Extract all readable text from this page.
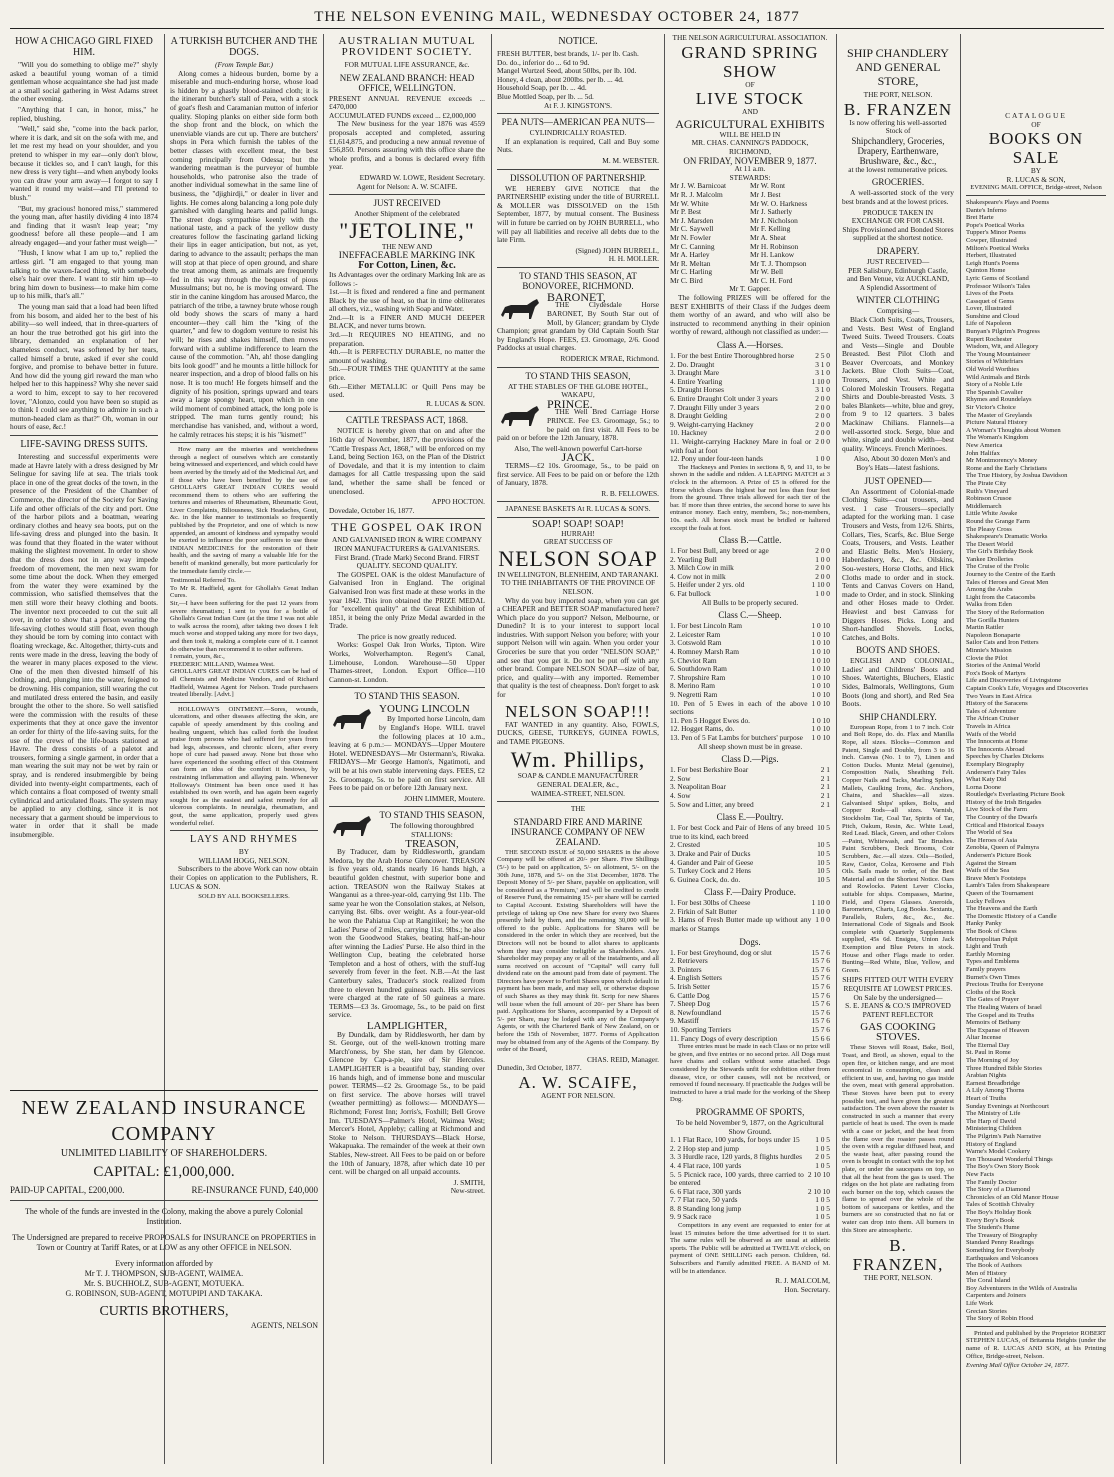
THE NELSON EVENING MAIL, WEDNESDAY OCTOBER 24, 1877
HOW A CHICAGO GIRL FIXED HIM.

"Will you do something to oblige me?" shyly asked a beautiful young woman of a timid gentleman whose acquaintance she had just made at a small social gathering in West Adams street the other evening.

"Anything that I can, in honor, miss," he replied, blushing.

"Well," said she, "come into the back parlor, where it is dark, and sit on the sofa with me, and let me rest my head on your shoulder, and you pretend to whisper in my ear—only don't blow, because it tickles so, and I can't laugh, for this new dress is very tight—and when anybody looks you can draw your arm away—I forgot to say I wanted it round my waist—and I'll pretend to blush."

"But, my gracious! honored miss," stammered the young man, after hastily dividing 4 into 1874 and finding that it wasn't leap year; "my goodness! before all these people—and I am already engaged—and your father must weigh—"

"Hush, I know what I am up to," replied the artless girl. "I am engaged to that young man talking to the waxen-faced thing, with somebody else's hair over there. I want to stir him up—to bring him down to business—to make him come up to his milk, that's all."

The young man said that a load had been lifted from his bosom, and aided her to the best of his ability—so well indeed, that in three-quarters of an hour the true betrothed got his girl into the library, demanded an explanation of her shameless conduct, was softened by her tears, called himself a brute, asked if ever she could forgive, and promise to behave better in future. And how did the young girl reward the man who helped her to this happiness? Why she never said a word to him, except to say to her recovered lover, "Alonzo, could you have been so stupid as to think I could see anything to admire in such a mutton-headed clam as that?" Oh, woman in our hours of ease, &c.!

LIFE-SAVING DRESS SUITS.

Interesting and successful experiments were made at Havre lately with a dress designed by Mr Selingue for saving life at sea. The trials took place in one of the great docks of the town, in the presence of the President of the Chamber of Commerce, the director of the Society for Saving Life and other officials of the city and port. One of the harbor pilots and a boatman, wearing ordinary clothes and heavy sea boots, put on the life-saving dress and plunged into the basin. It was found that they floated in the water without making the slightest movement. In order to show that the dress does not in any way impede freedom of movement, the men next swam for some time about the dock. When they emerged from the water they were examined by the commission, who satisfied themselves that the men still wore their heavy clothing and boots. The inventor next proceeded to cut the suit all over, in order to show that a person wearing the life-saving clothes would still float, even though they should be torn by coming into contact with floating wreckage, &c. Altogether, thirty-cuts and rents were made in the dress, leaving the body of the wearer in many places exposed to the view. One of the men then divested himself of his clothing, and, plunging into the water, feigned to be drowning. His companion, still wearing the cut and mutilated dress entered the basin, and easily brought the other to the shore. So well satisfied were the commission with the results of these experiments that they at once gave the inventor an order for thirty of the life-saving suits, for the use of the crews of the life-boats stationed at Havre. The dress consists of a paletot and trousers, forming a single garment, in order that a man wearing the suit may not be wet by rain or spray, and is rendered insubmergible by being divided into twenty-eight compartments, each of which contains a float composed of twenty small cylindrical and articulated floats. The system may be applied to any clothing, since it is not necessary that a garment should be impervious to water in order that it shall be made insubmergible.

A TURKISH BUTCHER AND THE DOGS.
(From Temple Bar.)

Along comes a hideous burden, borne by a miserable and much-enduring horse, whose load is hidden by a ghastly blood-stained cloth; it is the itinerant butcher's stall of Pera, with a stock of goat's flesh and Caramanian mutton of inferior quality. Sloping planks on either side form both the shop front and the block, on which the unenviable viands are cut up. There are butchers' shops in Pera which furnish the tables of the better classes with excellent meat, the best coming principally from Odessa; but the wandering meatman is the purveyor of humble households, who patronise also the trade of another individual somewhat in the same line of business, the "djighirdji," or dealer in liver and lights. He comes along balancing a long pole duly garnished with dangling hearts and pallid lungs. The street dogs sympathise keenly with the national taste, and a pack of the yellow dusty creatures follow the fascinating garland licking their lips in eager anticipation, but not, as yet, daring to advance to the assault; perhaps the man will stop at that piece of open ground, and share the treat among them, as animals are frequently fed in this way through the bequest of pious Mussulmans; but no, he is moving onward. The stir in the canine kingdom has aroused Marco, the patriarch of the tribe, a tawney brute whose rough old body shows the scars of many a hard encounter—they call him the "king of the quarter," and few to dogdom venture to resist his will; he rises and shakes himself, then moves forward with a sublime indifference to learn the cause of the commotion. "Ah, ah! those dangling bits look good!" and he mounts a little hillock for nearer inspection, and a drop of blood falls on his nose. It is too much! He forgets himself and the dignity of his position, springs upward and tears away a large spongy heart, upon which in one wild moment of combined attack, the long pole is stripped. The man turns gently round; his merchandise has vanished, and, without a word, he calmly retraces his steps; it is his "kismet!"

How many are the miseries and wretchedness through a neglect of ourselves which are constantly being witnessed and experienced, and which could have been averted by the timely aid of the Medicinal Art, and if those who have been benefited by the use of GHOLLAH'S GREAT INDIAN CURES would recommend them to others who are suffering the tortures and miseries of Rheumatism, Rheumatic Gout, Liver Complaints, Biliousness, Sick Headaches, Gout, &c. in the like manner to testimonials so frequently published by the Proprietor, and one of which is now appended, an amount of kindness and sympathy would be exerted to influence the poor sufferers to use these INDIAN MEDICINES for the restoration of their health, and the saving of many a valuable life for the benefit of mankind generally, but more particularly for the immediate family circle.—

Testimonial Referred To.
To Mr R. Hadfield, agent for Ghollah's Great Indian Cures.
Sir,—I have been suffering for the past 12 years from severe rheumatism; I sent to you for a bottle of Ghollah's Great Indian Cure (at the time I was not able to walk across the room), after taking two doses I felt much worse and stopped taking any more for two days, and then took it, making a complete cure of it. I cannot do otherwise than recommend it to other sufferers.
I remain, yours, &c.,
FREDERIC MILLAND, Waimea West.
GHOLLAH'S GREAT INDIAN CURES can be had of all Chemists and Medicine Vendors, and of Richard Hadfield, Waimea Agent for Nelson. Trade purchasers treated liberally. [Advt.]

HOLLOWAY'S OINTMENT.—Sores, wounds, ulcerations, and other diseases affecting the skin, are capable of speedy amendment by this cooling and healing unguent, which has called forth the loudest praise from persons who had suffered for years from bad legs, abscesses, and chronic ulcers, after every hope of cure had passed away. None but those who have experienced the soothing effect of this Ointment can form an idea of the comfort it bestows, by restraining inflammation and allaying pain. Whenever Holloway's Ointment has been once used it has established its own worth, and has again been eagerly sought for as the easiest and safest remedy for all ulcerous complaints. In neuralgia, rheumatism, and gout, the same application, properly used gives wonderful relief.

LAYS AND RHYMES
BY
WILLIAM HOGG, NELSON.

Subscribers to the above Work can now obtain their Copies on application to the Publishers, R. LUCAS & SON.

SOLD BY ALL BOOKSELLERS.
AUSTRALIAN MUTUAL PROVIDENT SOCIETY.
FOR MUTUAL LIFE ASSURANCE, &c.
NEW ZEALAND BRANCH: HEAD OFFICE, WELLINGTON.
PRESENT ANNUAL REVENUE exceeds ... £470,000
ACCUMULATED FUNDS exceed ... £2,000,000

The New business for the year 1876 was 4559 proposals accepted and completed, assuring £1,614,875, and producing a new annual revenue of £56,850. Persons assuring with this office share the whole profits, and a bonus is declared every fifth year.

EDWARD W. LOWE, Resident Secretary.
Agent for Nelson: A. W. SCAIFE.
JUST RECEIVED
Another Shipment of the celebrated
"JETOLINE,"
THE NEW AND
INEFFACEABLE MARKING INK
For Cotton, Linen, &c.
Its Advantages over the ordinary Marking Ink are as follows :-
1st.—It is fixed and rendered a fine and permanent Black by the use of heat, so that in time obliterates all others, viz., washing with Soap and Water.
2nd.—It is a FINER AND MUCH DEEPER BLACK, and never turns brown.
3rd.—It REQUIRES NO HEATING, and no preparation.
4th.—It is PERFECTLY DURABLE, no matter the amount of washing.
5th.—FOUR TIMES THE QUANTITY at the same price.
6th.—Either METALLIC or Quill Pens may be used.
R. LUCAS & SON.
CATTLE TRESPASS ACT, 1868.

NOTICE is hereby given that on and after the 16th day of November, 1877, the provisions of the "Cattle Trespass Act, 1868," will be enforced on my Land, being Section 163, on the Plan of the District of Dovedale, and that it is my intention to claim damages for all Cattle trespassing upon the said land, whether the same shall be fenced or unenclosed.

APPO HOCTON.
Dovedale, October 16, 1877.
THE GOSPEL OAK IRON
AND GALVANISED IRON & WIRE COMPANY
IRON MANUFACTURERS & GALVANISERS.
First Brand. (Trade Mark) Second Brand. FIRST QUALITY. SECOND QUALITY.

The GOSPEL OAK is the oldest Manufacture of Galvanised Iron in England. The original Galvanised Iron was first made at these works in the year 1842. This iron obtained the PRIZE MEDAL for "excellent quality" at the Great Exhibition of 1851, it being the only Prize Medal awarded in the Trade.

The price is now greatly reduced.

Works: Gospel Oak Iron Works, Tipton. Wire Works, Wolverhampton. Regent's Canal, Limehouse, London. Warehouse—50 Upper Thames-street, London. Export Office—110 Cannon-st. London.

TO STAND THIS SEASON.
YOUNG LINCOLN

By Imported horse Lincoln, dam by England's Hope. WILL travel the following places at 10 a.m., leaving at 6 p.m.:— MONDAYS—Upper Moutere Hotel. WEDNESDAYS—Mr Ostermann's, Riwaka. FRIDAYS—Mr George Hamon's, Ngatimoti, and will be at his own stable intervening days. FEES, £2 2s. Groomage, 5s. to be paid on first service. All Fees to be paid on or before 12th January next.

JOHN LIMMER, Moutere.
TO STAND THIS SEASON,
The following thoroughbred STALLIONS:
TREASON,

By Traducer, dam by Riddlesworth, grandam Medora, by the Arab Horse Glencower. TREASON is five years old, stands nearly 16 hands high, a beautiful golden chestnut, with superior bone and action. TREASON won the Railway Stakes at Wanganui as a three-year-old, carrying 9st 11b. The same year he won the Consolation stakes, at Nelson, carrying 8st. 6lbs. over weight. As a four-year-old he won the Pahiatua Cup at Rangitikei; he won the Ladies' Purse of 2 miles, carrying 11st. 9lbs.; he also won the Goodwood Stakes, beating half-an-hour after winning the Ladies' Purse. He also third in the Wellington Cup, beating the celebrated horse Templeton and a host of others, with the stuff-lug severely from fever in the feet. N.B.—At the last Canterbury sales, Traducer's stock realized from three to eleven hundred guineas each. His services were charged at the rate of 50 guineas a mare. TERMS—£3 3s. Groomage, 5s., to be paid on first service.

LAMPLIGHTER,

By Dundalk, dam by Riddlesworth, her dam by St. George, out of the well-known trotting mare March'oness, by She stan, her dam by Glencoe. Glencoe by Cap-a-pie, sire of Sir Hercules. LAMPLIGHTER is a beautiful bay, standing over 16 hands high, and of immense bone and muscular power. TERMS—£2 2s. Groomage 5s., to be paid on first service. The above horses will travel (weather permitting) as follows:— MONDAYS—Richmond; Forest Inn; Jorris's, Foxhill; Bell Grove Inn. TUESDAYS—Palmer's Hotel, Waimea West; Mercer's Hotel, Appleby; calling at Richmond and Stoke to Nelson. THURSDAYS—Black Horse, Wakapuaka. The remainder of the week at their own Stables, New-street. All Fees to be paid on or before the 10th of January, 1878, after which date 10 per cent. will be charged on all unpaid accounts.

J. SMITH,
New-street.
NOTICE.
FRESH BUTTER, best brands, 1/- per lb. Cash.
Do. do., inferior do ... 6d to 9d.
Mangel Wurtzel Seed, about 50lbs, per lb. 10d.
Honey, 4 clean, about 200lbs. per lb. ... 4d.
Household Soap, per lb. ... 4d.
Blue Mottled Soap, per lb. ... 5d.
At F. J. KINGSTON'S.
PEA NUTS—AMERICAN PEA NUTS—
CYLINDRICALLY ROASTED.

If an explanation is required, Call and Buy some Nuts.

M. M. WEBSTER.
DISSOLUTION OF PARTNERSHIP.

WE HEREBY GIVE NOTICE that the PARTNERSHIP existing under the title of BURRELL & MOLLER was DISSOLVED on the 15th September, 1877, by mutual consent. The Business will in future be carried on by JOHN BURRELL, who will pay all liabilities and receive all debts due to the late Firm.

(Signed) JOHN BURRELL,
H. H. MOLLER.
TO STAND THIS SEASON, AT BONOVOREE, RICHMOND.
BARONET,

THE Clydesdale Horse BARONET, By South Star out of Moll, by Glancer; grandam by Clyde Champion; great grandam by Old Captain South Star by England's Hope. FEES, £3. Groomage, 2/6. Good Paddocks at usual charges.

RODERICK M'RAE, Richmond.
TO STAND THIS SEASON,
AT THE STABLES OF THE GLOBE HOTEL, WAKAPU,
PRINCE.

THE Well Bred Carriage Horse PRINCE. Fee £3. Groomage, 5s.; to be paid on first visit. All Fees to be paid on or before the 12th January, 1878.

Also, The well-known powerful Cart-horse
JACK.

TERMS—£2 10s. Groomage, 5s., to be paid on first service. All Fees to be paid on or before the 12th of January, 1878.

R. B. FELLOWES.
JAPANESE BASKETS At R. LUCAS & SON'S.
SOAP! SOAP! SOAP!
HURRAH!
GREAT SUCCESS OF
NELSON SOAP
IN WELLINGTON, BLENHEIM, AND TARANAKI.
TO THE INHABITANTS OF THE PROVINCE OF NELSON.

Why do you buy imported soap, when you can get a CHEAPER and BETTER SOAP manufactured here? Which place do you support? Nelson, Melbourne, or Dunedin? It is to your interest to support local industries. With support Nelson you before; with your support Nelson will win again. When you order your Groceries be sure that you order "NELSON SOAP," and see that you get it. Do not be put off with any other brand. Compare NELSON SOAP—size of bar, price, and quality—with any imported. Remember that quality is the test of cheapness. Don't forget to ask for

NELSON SOAP!!!

FAT WANTED in any quantity. Also, FOWLS, DUCKS, GEESE, TURKEYS, GUINEA FOWLS, and TAME PIGEONS.

Wm. Phillips,
SOAP & CANDLE MANUFACTURER
GENERAL DEALER, &c.,
WAIMEA-STREET, NELSON.
THE
STANDARD FIRE AND MARINE INSURANCE COMPANY OF NEW ZEALAND.

THE SECOND ISSUE of 50,000 SHARES in the above Company will be offered at 20/- per Share. Five Shillings (5/-) to be paid on application, 5/- on allotment, 5/- on the 30th June, 1878, and 5/- on the 31st December, 1878. The Deposit Money of 5/- per Share, payable on application, will be considered as a 'Premium,' and will be credited to credit of Reserve Fund, the remaining 15/- per share will be carried to Capital Account. Existing Shareholders will have the privilege of taking up One new Share for every two Shares presently held by them, and the remaining 30,000 will be offered to the public. Applications for Shares will be considered in the order in which they are received, but the Directors will not be bound to allot shares to applicants whom they may consider ineligible as Shareholders. Any Shareholder may prepay any or all of the instalments, and all sums received on account of "Capital" will carry full dividend rate on the amount paid from date of payment. The Directors have power to Forfeit Shares upon which default in payment has been made, and may sell, or otherwise dispose of such Shares as they may think fit. Scrip for new Shares will issue when the full amount of 20/- per Share has been paid. Applications for Shares, accompanied by a Deposit of 5/- per Share, may be lodged with any of the Company's Agents, or with the Chartered Bank of New Zealand, on or before the 15th of November, 1877. Forms of Application may be obtained from any of the Agents of the Company. By order of the Board,

CHAS. REID, Manager.
Dunedin, 3rd October, 1877.
A. W. SCAIFE,
AGENT FOR NELSON.
THE NELSON AGRICULTURAL ASSOCIATION.
GRAND SPRING SHOW
OF
LIVE STOCK
AND
AGRICULTURAL EXHIBITS
WILL BE HELD IN
MR. CHAS. CANNING'S PADDOCK,
RICHMOND,
ON FRIDAY, NOVEMBER 9, 1877.
At 11 a.m.
STEWARDS:
Mr J. W. Barnicoat
Mr R. J. Malcolm
Mr W. White
Mr P. Best
Mr J. Marsden
Mr C. Saywell
Mr N. Fowler
Mr C. Canning
Mr A. Harley
Mr R. Meltan
Mr C. Harling
Mr C. Bird
Mr W. Ront
Mr J. Best
Mr W. O. Harkness
Mr J. Satherly
Mr J. Nicholson
Mr F. Kelling
Mr A. Sheat
Mr H. Robinson
Mr H. Lankow
Mr T. J. Thompson
Mr W. Bell
Mr C. H. Ford
Mr T. Gapper.

The following PRIZES will be offered for the BEST EXHIBITS of their Class if the Judges deem them worthy of an award, and who will also be instructed to recommend anything in their opinion worthy of reward, although not classified as under:—

Class A.—Horses.
1. For the best Entire Thoroughbred horse	2 5 0
2. Do. Draught	3 1 0
3. Draught Mare	3 1 0
4. Entire Yearling	1 10 0
5. Draught Horses	3 1 0
6. Entire Draught Colt under 3 years	2 0 0
7. Draught Filly under 3 years	2 0 0
8. Draught Gelding	2 0 0
9. Weight-carrying Hackney	2 0 0
10. Hackney	2 0 0
11. Weight-carrying Hackney Mare in foal or with foal at foot
2 0 0
12. Pony under four-teen hands	1 0 0

The Hackneys and Ponies in sections 8, 9, and 11, to be shown in the saddle and ridden. A LEAPING MATCH at 3 o'clock in the afternoon. A Prize of £5 is offered for the Horse which clears the highest bar not less than four feet from the ground. Three trials allowed for each tier of the bar. If more than three entries, the second horse to save his entrance money. Each entry, members, 5s.; non-members, 10s. each. All horses stock must be bridled or haltered except the foals at foot.

Class B.—Cattle.
1. For best Bull, any breed or age	2 0 0
2. Yearling Bull	1 0 0
3. Milch Cow in milk	2 0 0
4. Cow not in milk	2 0 0
5. Heifer under 2 yrs. old	1 10 0
6. Fat bullock	1 0 0
All Bulls to be properly secured.
Class C.—Sheep.
1. For best Lincoln Ram	1 0 10
2. Leicester Ram	1 0 10
3. Cotswold Ram	1 0 10
4. Romney Marsh Ram	1 0 10
5. Cheviot Ram	1 0 10
6. Southdown Ram	1 0 10
7. Shropshire Ram	1 0 10
8. Merino Ram	1 0 10
9. Negretti Ram	1 0 10
10. Pen of 5 Ewes in each of the above sections
1 0 10
11. Pen 5 Hogget Ewes do.	1 0 10
12. Hogget Rams, do.	1 0 10
13. Pen of 5 Fat Lambs for butchers' purpose	1 0 10
All sheep shown must be in grease.
Class D.—Pigs.
1. For best Berkshire Boar	2 1
2. Sow	2 1
3. Neapolitan Boar	2 1
4. Sow	2 1
5. Sow and Litter, any breed	2 1
Class E.—Poultry.
1. For best Cock and Pair of Hens of any breed true to its kind, each breed
10 5
2. Crested	10 5
3. Drake and Pair of Ducks	10 5
4. Gander and Pair of Geese	10 5
5. Turkey Cock and 2 Hens	10 5
6. Guinea Cock, do. do.	10 5
Class F.—Dairy Produce.
1. For best 30lbs of Cheese	1 10 0
2. Firkin of Salt Butter	1 10 0
3. Hams of Fresh Butter made up without any marks or Stamps
1 0 0
Dogs.
1. For best Greyhound, dog or slut	15 7 6
2. Retrievers	15 7 6
3. Pointers	15 7 6
4. English Setters	15 7 6
5. Irish Setter	15 7 6
6. Cattle Dog	15 7 6
7. Sheep Dog	15 7 6
8. Newfoundland	15 7 6
9. Mastiff	15 7 6
10. Sporting Terriers	15 7 6
11. Fancy Dogs of every description	15 6 6

Three entries must be made in each Class or no prize will be given, and five entries or no second prize. All Dogs must have chains and collars without some attached. Dogs considered by the Stewards unfit for exhibition either from disease, vice, or other causes, will not be received, or removed if found necessary. If practicable the Judges will be instructed to have a trial made for the working of the Sheep Dog.

PROGRAMME OF SPORTS,
To be held November 9, 1877, on the Agricultural Show Ground.
1. 1 Flat Race, 100 yards, for boys under 15	1 0 5
2. 2 Hop step and jump	1 0 5
3. 3 Hurdle race, 120 yards, 8 flights hurdles	2 0 5
4. 4 Flat race, 100 yards	1 0 5
5. 5 Picnick race, 100 yards, three carried to be entered
2 10 10
6. 6 Flat race, 300 yards	2 10 10
7. 7 Flat race, 50 yards	1 0 5
8. 8 Standing long jump	1 0 5
9. 9 Sack race	1 0 5

Competitors in any event are requested to enter for at least 15 minutes before the time advertised for it to start. The same rules will be observed as are usual at athletic sports. The Public will be admitted at TWELVE o'clock, on payment of ONE SHILLING each person. Children, 6d. Subscribers and Family admitted FREE. A BAND of M. will be in attendance.

R. J. MALCOLM,
Hon. Secretary.
SHIP CHANDLERY AND GENERAL STORE,
THE PORT, NELSON.
B. FRANZEN
Is now offering his well-assorted Stock of
Shipchandlery, Groceries, Drapery, Earthenware, Brushware, &c., &c.,
at the lowest remunerative prices.
GROCERIES.

A well-assorted stock of the very best brands and at the lowest prices.

PRODUCE TAKEN IN EXCHANGE OR FOR CASH.
Ships Provisioned and Bonded Stores supplied at the shortest notice.
DRAPERY.
JUST RECEIVED—
PER Salisbury, Edinburgh Castle, and Ben Venue, viz AUCKLAND,
A Splendid Assortment of
WINTER CLOTHING
Comprising—

Black Cloth Suits, Coats, Trousers, and Vests. Best West of England Tweed Suits. Tweed Trousers. Coats and Vests—Single and Double Breasted. Best Pilot Cloth and Beaver Overcoats, and Monkey Jackets. Blue Cloth Suits—Coat, Trousers, and Vest. White and Colored Moleskin Trousers. Regatta Shirts and Double-breasted Vests. 3 bales Blankets—white, blue and grey, from 9 to 12 quarters. 3 bales Mackinaw Chilians. Flannels—a well-assorted stock. Serge, blue and white, single and double width—best quality. Winceys. French Merinoes.

Also, About 30 dozen Men's and Boy's Hats—latest fashions.

JUST OPENED—

An Assortment of Colonial-made Clothing Suits—coat trousers, and vest. 1 case Trousers—specially adapted for the working man. 1 case Trousers and Vests, from 12/6. Shirts, Collars, Ties, Scarfs, &c. Blue Serge Coats, Trousers, and Vests. Leather and Elastic Belts. Men's Hosiery, Haberdashery, &c., &c. Oilskins, Sou-westers, Horse Cloths, and Hick Cloths made to order and in stock. Tents and Canvas Covers on Hand, made to Order, and in stock. Slinking and other Hoses made to Order. Heaviest and best Canvass for Diggers Hoses. Picks. Long and Short-handled Shovels. Locks, Catches, and Bolts.

BOOTS AND SHOES.

ENGLISH AND COLONIAL, Ladies' and Childrens' Boots and Shoes. Watertights, Bluchers, Elastic Sides, Balmorals, Wellingtons, Gum Boots (long and short), and Red Sea Boots.

SHIP CHANDLERY.

European Rope, from 1 to 7 inch. Coir and Bolt Rope, do. do. Flax and Manilla Rope, all sizes. Blocks—Common and Patent, Single and Double, from 3 to 16 inch. Canvas (No. 1 to 7), Linen and Cotton Ducks. Muntz Metal (genuine), Composition Nails, Sheathing Felt. Copper Nails and Tacks, Marling Spikes, Mallets, Caulking Irons, &c. Anchors, Chains, and Shackles—all sizes. Galvanised Ships' spikes, Bolts, and Copper Rods—all sizes. Varnish, Stockholm Tar, Coal Tar, Spirits of Tar, Pitch, Oakum, Resin, &c. White Lead, Red Lead. Black, Green, and other Colors—Paint, Whitewash, and Tar Brushes. Paint Scrubbers, Deck Brooms, Coir Scrubbers, &c.—all sizes. Oils—Boiled, Raw, Castor, Colza, Kerosene and Fish Oils. Sails made to order, of the Best Material and on the Shortest Notice. Oars and Rowlocks. Patent Lever Clocks, suitable for ships. Compasses, Marine, Field, and Opera Glasses. Aneroids, Barometers, Charts, Log Books. Sextants, Parallels, Rulers, &c., &c., &c. International Code of Signals and Book complete with Quarterly Supplements supplied, 45s 6d. Ensigns, Union Jack Exemption and Blue Peters in stock. House and other Flags made to order. Bunting—Red White, Blue, Yellow, and Green.

SHIPS FITTED OUT WITH EVERY REQUISITE AT LOWEST PRICES.
On Sale by the undersigned—
S. E. JEANS & CO.'S IMPROVED PATENT REFLECTOR
GAS COOKING STOVES.

These Stoves will Roast, Bake, Boil, Toast, and Broil, as shown, equal to the open fire, or kitchen range, and are most economical in consumption, clean and efficient in use, and, having no gas inside the oven, meat with general approbation. These Stoves have been put to every possible test, and have given the greatest satisfaction. The oven above the roaster is constructed in such a manner that every particle of heat is used. The oven is made with a case or jacket, and the heat from the flame over the roaster passes round the oven with a regular diffused heat, and the waste heat, after passing round the oven is brought in contact with the top hot plate, or under the saucepans on top, so that all the heat from the gas is used. The ridges on the hot plate are radiating from each burner on the top, which causes the flame to spread over the whole of the bottom of saucepans or kettles, and the burners are so constructed that no fat or water can drop into them. All burners in this Store are atmospheric.

B. FRANZEN,
THE PORT, NELSON.
CATALOGUE
OF
BOOKS ON SALE
BY
R. LUCAS & SON,
EVENING MAIL OFFICE, Bridge-street, Nelson
Shakespeare's Plays and Poems
Dante's Inferno
Bret Harte
Pope's Poetical Works
Tupper's Minor Poems
Cowper, Illustrated
Milton's Poetical Works
Herbert, Illustrated
Leigh Hunt's Poems
Quinton Home
Lyric Gems of Scotland
Professor Wilson's Tales
Lives of the Poets
Cassquet of Gems
Lover, Illustrated
Sunshine and Cloud
Life of Napoleon
Bunyan's Pilgrim's Progress
Rupert Rochester
Wisdom, Wit, and Allegory
The Young Mountaineer
Stories of Whitefriars
Old World Worthies
Wild Animals and Birds
Story of a Noble Life
The Spanish Cavalier
Rhymes and Roundelays
Sir Victor's Choice
The Master of Greylands
Picture Natural History
A Woman's Thoughts about Women
The Woman's Kingdom
New America
John Halifax
Mr Montmorency's Money
Rome and the Early Christians
The True History, by Joshua Davidson
The Pirate City
Ruth's Vineyard
Robinson Crusoe
Middlemarch
Little White Awake
Round the Grange Farm
The Pleasy Cross
Shakespeare's Dramatic Works
The Desert World
The Girl's Birthday Book
Yankee Drolleries
The Cruise of the Frolic
Journey to the Centre of the Earth
Tales of Heroes and Great Men
Among the Arabs
Light from the Catacombs
Walks from Eden
The Story of the Reformation
The Gorilla Hunters
Martin Rattler
Napoleon Bonaparte
Sailor Cats and Iron Fetters
Minnie's Mission
Clovie the Pilot
Stories of the Animal World
Fox's Book of Martyrs
Life and Discoveries of Livingstone
Captain Cook's Life, Voyages and Discoveries
Two Years in East Africa
History of the Saracens
Tales of Adventure
The African Cruiser
Travels in Africa
Waifs of the World
The Innocents at Home
The Innocents Abroad
Speeches by Charles Dickens
Exemplary Biography
Andersen's Fairy Tales
What Katy Did
Lorna Doone
Routledge's Everlasting Picture Book
History of the Irish Brigades
Live Stock of the Farm
The Country of the Dwarfs
Critical and Historical Essays
The World of Sea
The Heroes of Asia
Zenobia, Queen of Palmyra
Andersen's Picture Book
Against the Stream
Waifs of the Sea
Brave Men's Footsteps
Lamb's Tales from Shakespeare
Queen of the Tournament
Lucky Fellows
The Heavens and the Earth
The Domestic History of a Candle
Hanky Panky
The Book of Chess
Metropolitan Pulpit
Light and Truth
Earthly Morning
Types and Emblems
Family prayers
Burnet's Own Times
Precious Truths for Everyone
Cloths of the Rock
The Gates of Prayer
The Healing Waters of Israel
The Gospel and its Truths
Memoirs of Bethany
The Expanse of Heaven
Altar Incense
The Eternal Day
St. Paul in Rome
The Morning of Joy
Three Hundred Bible Stories
Arabian Nights
Earnest Breadbridge
A Lily Among Thorns
Heart of Truths
Sunday Evenings at Northcourt
The Ministry of Life
The Harp of David
Ministering Children
The Pilgrim's Path Narrative
History of England
Warne's Model Cookery
Ten Thousand Wonderful Things
The Boy's Own Story Book
New Facts
The Family Doctor
The Story of a Diamond
Chronicles of an Old Manor House
Tales of Scottish Chivalry
The Boy's Holiday Book
Every Boy's Book
The Student's Hume
The Treasury of Biography
Standard Penny Readings
Something for Everybody
Earthquakes and Volcanoes
The Book of Authors
Men of History
The Coral Island
Boy Adventurers in the Wilds of Australia
Carpenters and Joiners
Life Work
Grecian Stories
The Story of Robin Hood

Printed and published by the Proprietor ROBERT STEPHEN LUCAS, of Britannia Heights (under the name of R. LUCAS AND SON, at his Printing Office, Bridge-street, Nelson.

Evening Mail Office October 24, 1877.
NEW ZEALAND INSURANCE COMPANY
UNLIMITED LIABILITY OF SHAREHOLDERS.
CAPITAL: £1,000,000.
PAID-UP CAPITAL, £200,000.	RE-INSURANCE FUND, £40,000

The whole of the funds are invested in the Colony, making the above a purely Colonial Institution.

The Undersigned are prepared to receive PROPOSALS for INSURANCE on PROPERTIES in Town or Country at Tariff Rates, or at LOW as any other OFFICE in NELSON.

Every information afforded by
Mr T. J. THOMPSON, SUB-AGENT, WAIMEA.
Mr. S. BUCHHOLZ, SUB-AGENT, MOTUEKA.
G. ROBINSON, SUB-AGENT, MOTUPIPI AND TAKAKA.
CURTIS BROTHERS,
AGENTS, NELSON
